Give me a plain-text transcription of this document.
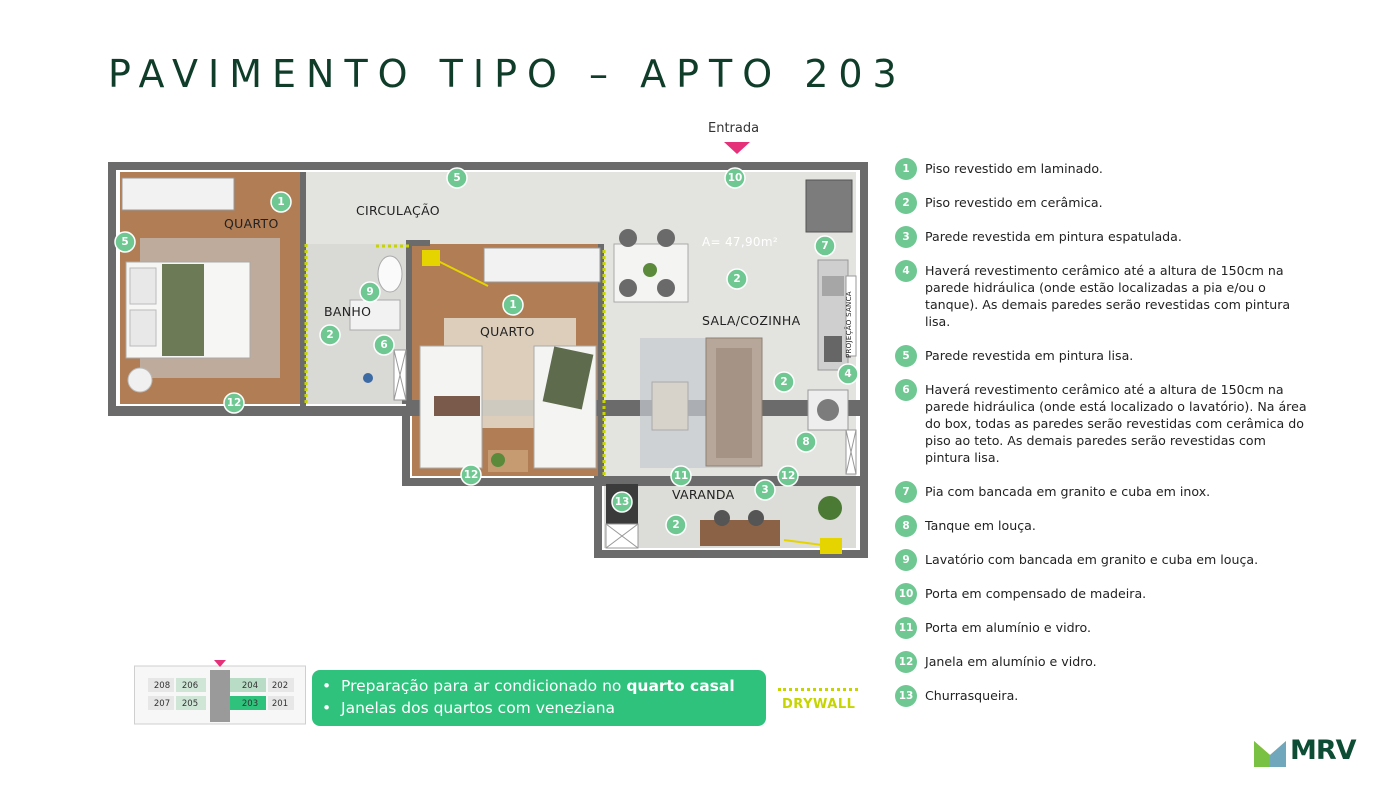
PAVIMENTO TIPO – APTO 203
Entrada
QUARTO
CIRCULAÇÃO
BANHO
QUARTO
SALA/COZINHA
VARANDA
A= 47,90m²
PROJEÇÃO SANCA
1
5
5	10
7
2
9
2
6
1
2
4
2
8
12
12	11
3
12
13
1	Piso revestido em laminado.
2	Piso revestido em cerâmica.
3	Parede revestida em pintura espatulada.
4	Haverá revestimento cerâmico até a altura de 150cm na parede hidráulica (onde estão localizadas a pia e/ou o tanque). As demais paredes serão revestidas com pintura lisa.
5	Parede revestida em pintura lisa.
6	Haverá revestimento cerâmico até a altura de 150cm na parede hidráulica (onde está localizado o lavatório). Na área do box, todas as paredes serão revestidas com cerâmica do piso ao teto. As demais paredes serão revestidas com pintura lisa.
7	Pia com bancada em granito e cuba em inox.
8	Tanque em louça.
9	Lavatório com bancada em granito e cuba em louça.
10 Porta em compensado de madeira.
11 Porta em alumínio e vidro.
12 Janela em alumínio e vidro.
13 Churrasqueira.
208 206	204 202
207 205	203 201
• Preparação para ar condicionado no quarto casal
• Janelas dos quartos com veneziana	DRYWALL
MRV
